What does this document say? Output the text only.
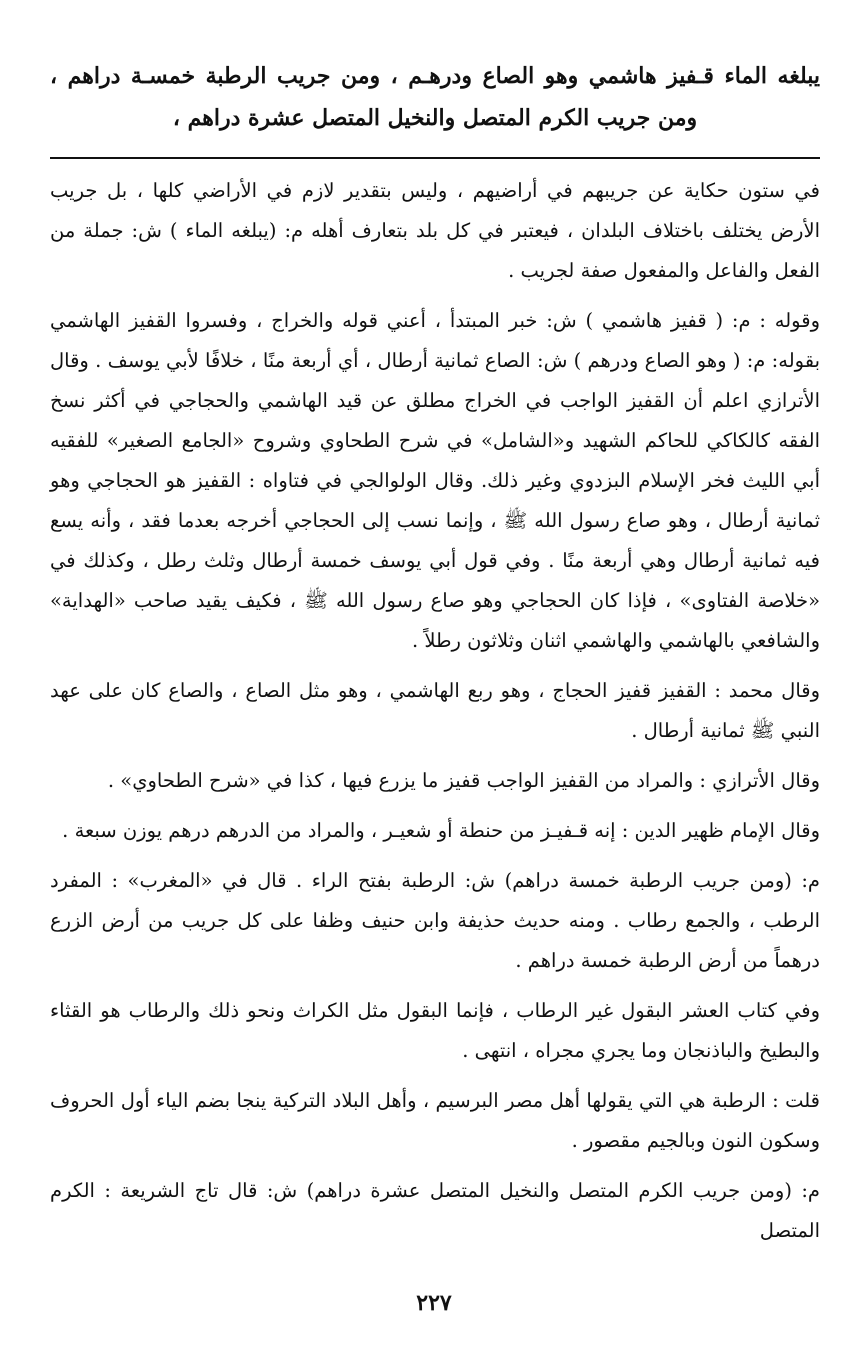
يبلغه الماء قـفيز هاشمي وهو الصاع ودرهـم ، ومن جريب الرطبة خمسـة دراهم ، ومن جريب الكرم المتصل والنخيل المتصل عشرة دراهم ،

في ستون حكاية عن جريبهم في أراضيهم ، وليس بتقدير لازم في الأراضي كلها ، بل جريب الأرض يختلف باختلاف البلدان ، فيعتبر في كل بلد بتعارف أهله م: (يبلغه الماء ) ش: جملة من الفعل والفاعل والمفعول صفة لجريب .

وقوله : م: ( قفيز هاشمي ) ش: خبر المبتدأ ، أعني قوله والخراج ، وفسروا القفيز الهاشمي بقوله: م: ( وهو الصاع ودرهم ) ش: الصاع ثمانية أرطال ، أي أربعة منًا ، خلافًا لأبي يوسف . وقال الأترازي اعلم أن القفيز الواجب في الخراج مطلق عن قيد الهاشمي والحجاجي في أكثر نسخ الفقه كالكاكي للحاكم الشهيد و«الشامل» في شرح الطحاوي وشروح «الجامع الصغير» للفقيه أبي الليث فخر الإسلام البزدوي وغير ذلك. وقال الولوالجي في فتاواه : القفيز هو الحجاجي وهو ثمانية أرطال ، وهو صاع رسول الله ﷺ ، وإنما نسب إلى الحجاجي أخرجه بعدما فقد ، وأنه يسع فيه ثمانية أرطال وهي أربعة منًا . وفي قول أبي يوسف خمسة أرطال وثلث رطل ، وكذلك في «خلاصة الفتاوى» ، فإذا كان الحجاجي وهو صاع رسول الله ﷺ ، فكيف يقيد صاحب «الهداية» والشافعي بالهاشمي والهاشمي اثنان وثلاثون رطلاً .

وقال محمد : القفيز قفيز الحجاج ، وهو ربع الهاشمي ، وهو مثل الصاع ، والصاع كان على عهد النبي ﷺ ثمانية أرطال .

وقال الأترازي : والمراد من القفيز الواجب قفيز ما يزرع فيها ، كذا في «شرح الطحاوي» .

وقال الإمام ظهير الدين : إنه قـفيـز من حنطة أو شعيـر ، والمراد من الدرهم درهم يوزن سبعة .

م: (ومن جريب الرطبة خمسة دراهم) ش: الرطبة بفتح الراء . قال في «المغرب» : المفرد الرطب ، والجمع رطاب . ومنه حديث حذيفة وابن حنيف وظفا على كل جريب من أرض الزرع درهماً من أرض الرطبة خمسة دراهم .

وفي كتاب العشر البقول غير الرطاب ، فإنما البقول مثل الكراث ونحو ذلك والرطاب هو القثاء والبطيخ والباذنجان وما يجري مجراه ، انتهى .

قلت : الرطبة هي التي يقولها أهل مصر البرسيم ، وأهل البلاد التركية ينجا بضم الياء أول الحروف وسكون النون وبالجيم مقصور .

م: (ومن جريب الكرم المتصل والنخيل المتصل عشرة دراهم) ش: قال تاج الشريعة : الكرم المتصل

٢٢٧
